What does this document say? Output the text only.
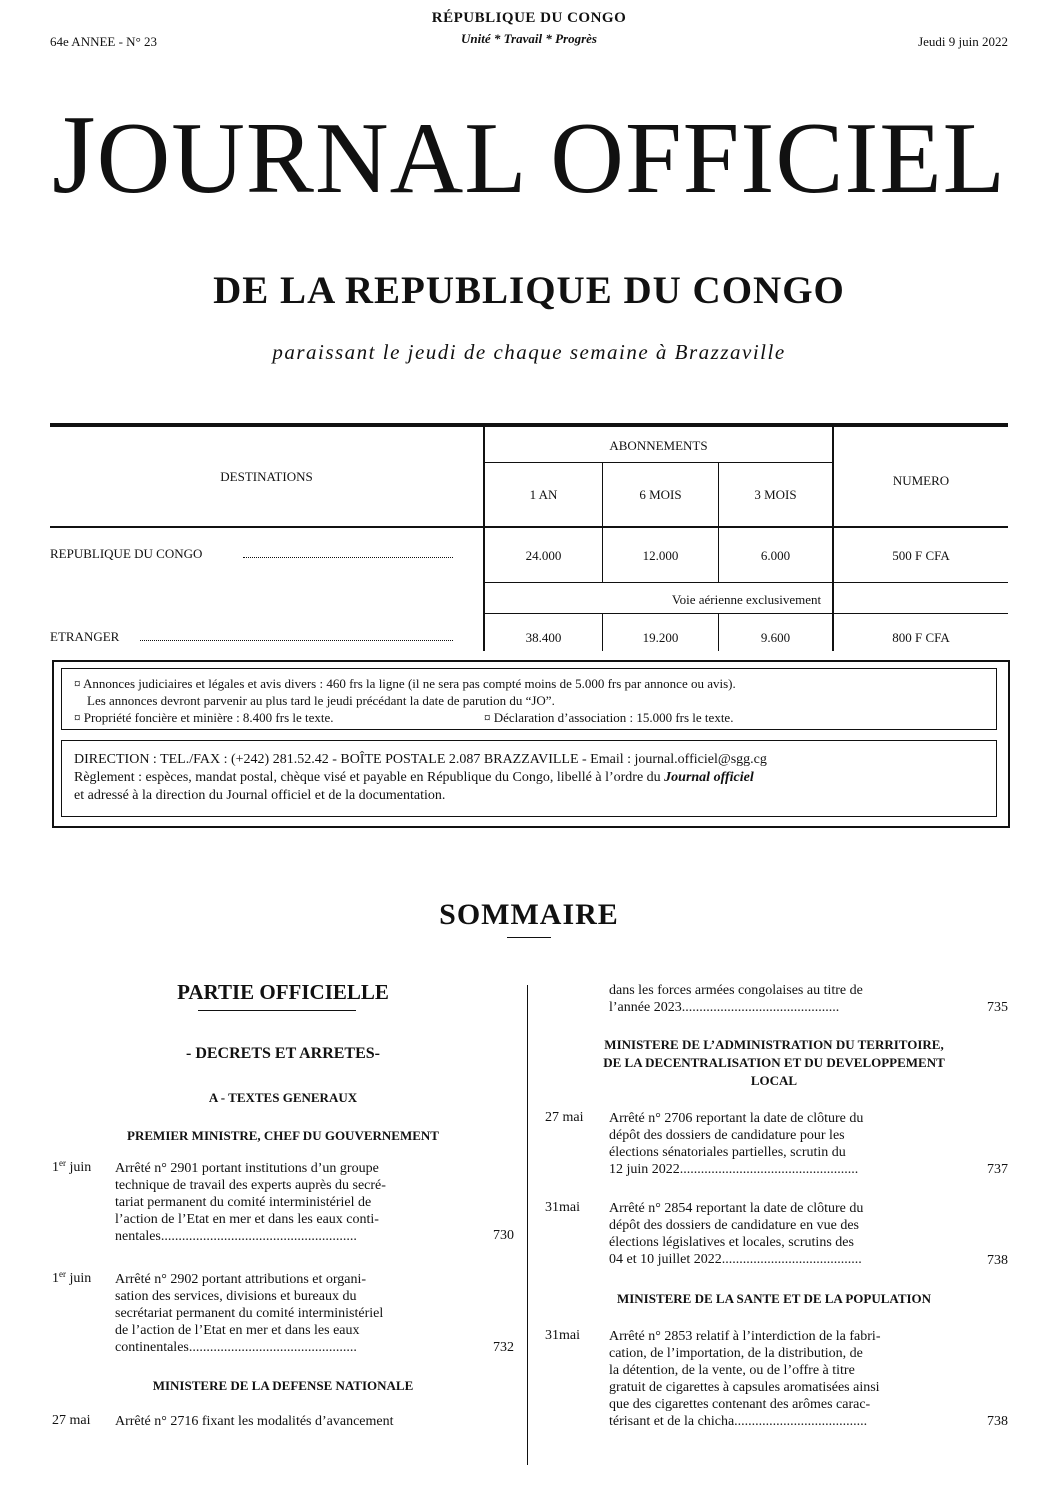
64e ANNEE - N° 23	Jeudi 9 juin 2022
RÉPUBLIQUE DU CONGO
Unité * Travail * Progrès
JOURNAL OFFICIEL
DE LA REPUBLIQUE DU CONGO
paraissant le jeudi de chaque semaine à Brazzaville
DESTINATIONS
ABONNEMENTS
NUMERO
1 AN	6 MOIS	3 MOIS
REPUBLIQUE DU CONGO	24.000	12.000	6.000	500 F CFA
Voie aérienne exclusivement
ETRANGER	38.400	19.200	9.600	800 F CFA
¤ Annonces judiciaires et légales et avis divers : 460 frs la ligne (il ne sera pas compté moins de 5.000 frs par annonce ou avis).
Les annonces devront parvenir au plus tard le jeudi précédant la date de parution du “JO”.
¤ Propriété foncière et minière : 8.400 frs le texte.	¤ Déclaration d’association : 15.000 frs le texte.
DIRECTION : TEL./FAX : (+242) 281.52.42 - BOÎTE POSTALE 2.087 BRAZZAVILLE - Email : journal.officiel@sgg.cg
Règlement : espèces, mandat postal, chèque visé et payable en République du Congo, libellé à l’ordre du Journal officiel
et adressé à la direction du Journal officiel et de la documentation.
SOMMAIRE
PARTIE OFFICIELLE
- DECRETS ET ARRETES-
A - TEXTES GENERAUX
PREMIER MINISTRE, CHEF DU GOUVERNEMENT
1er juin Arrêté n° 2901 portant institutions d’un groupe
technique de travail des experts auprès du secré-
tariat permanent du comité interministériel de
l’action de l’Etat en mer et dans les eaux conti-
nentales........................................................	730
1er juin Arrêté n° 2902 portant attributions et organi-
sation des services, divisions et bureaux du
secrétariat permanent du comité interministériel
de l’action de l’Etat en mer et dans les eaux
continentales................................................	732
MINISTERE DE LA DEFENSE NATIONALE
27 mai Arrêté n° 2716 fixant les modalités d’avancement
dans les forces armées congolaises au titre de
l’année 2023.............................................	735
MINISTERE DE L’ADMINISTRATION DU TERRITOIRE,
DE LA DECENTRALISATION ET DU DEVELOPPEMENT
LOCAL
27 mai Arrêté n° 2706 reportant la date de clôture du
dépôt des dossiers de candidature pour les
élections sénatoriales partielles, scrutin du
12 juin 2022...................................................	737
31mai Arrêté n° 2854 reportant la date de clôture du
dépôt des dossiers de candidature en vue des
élections législatives et locales, scrutins des
04 et 10 juillet 2022........................................	738
MINISTERE DE LA SANTE ET DE LA POPULATION
31mai Arrêté n° 2853 relatif à l’interdiction de la fabri-
cation, de l’importation, de la distribution, de
la détention, de la vente, ou de l’offre à titre
gratuit de cigarettes à capsules aromatisées ainsi
que des cigarettes contenant des arômes carac-
térisant et de la chicha......................................	738
